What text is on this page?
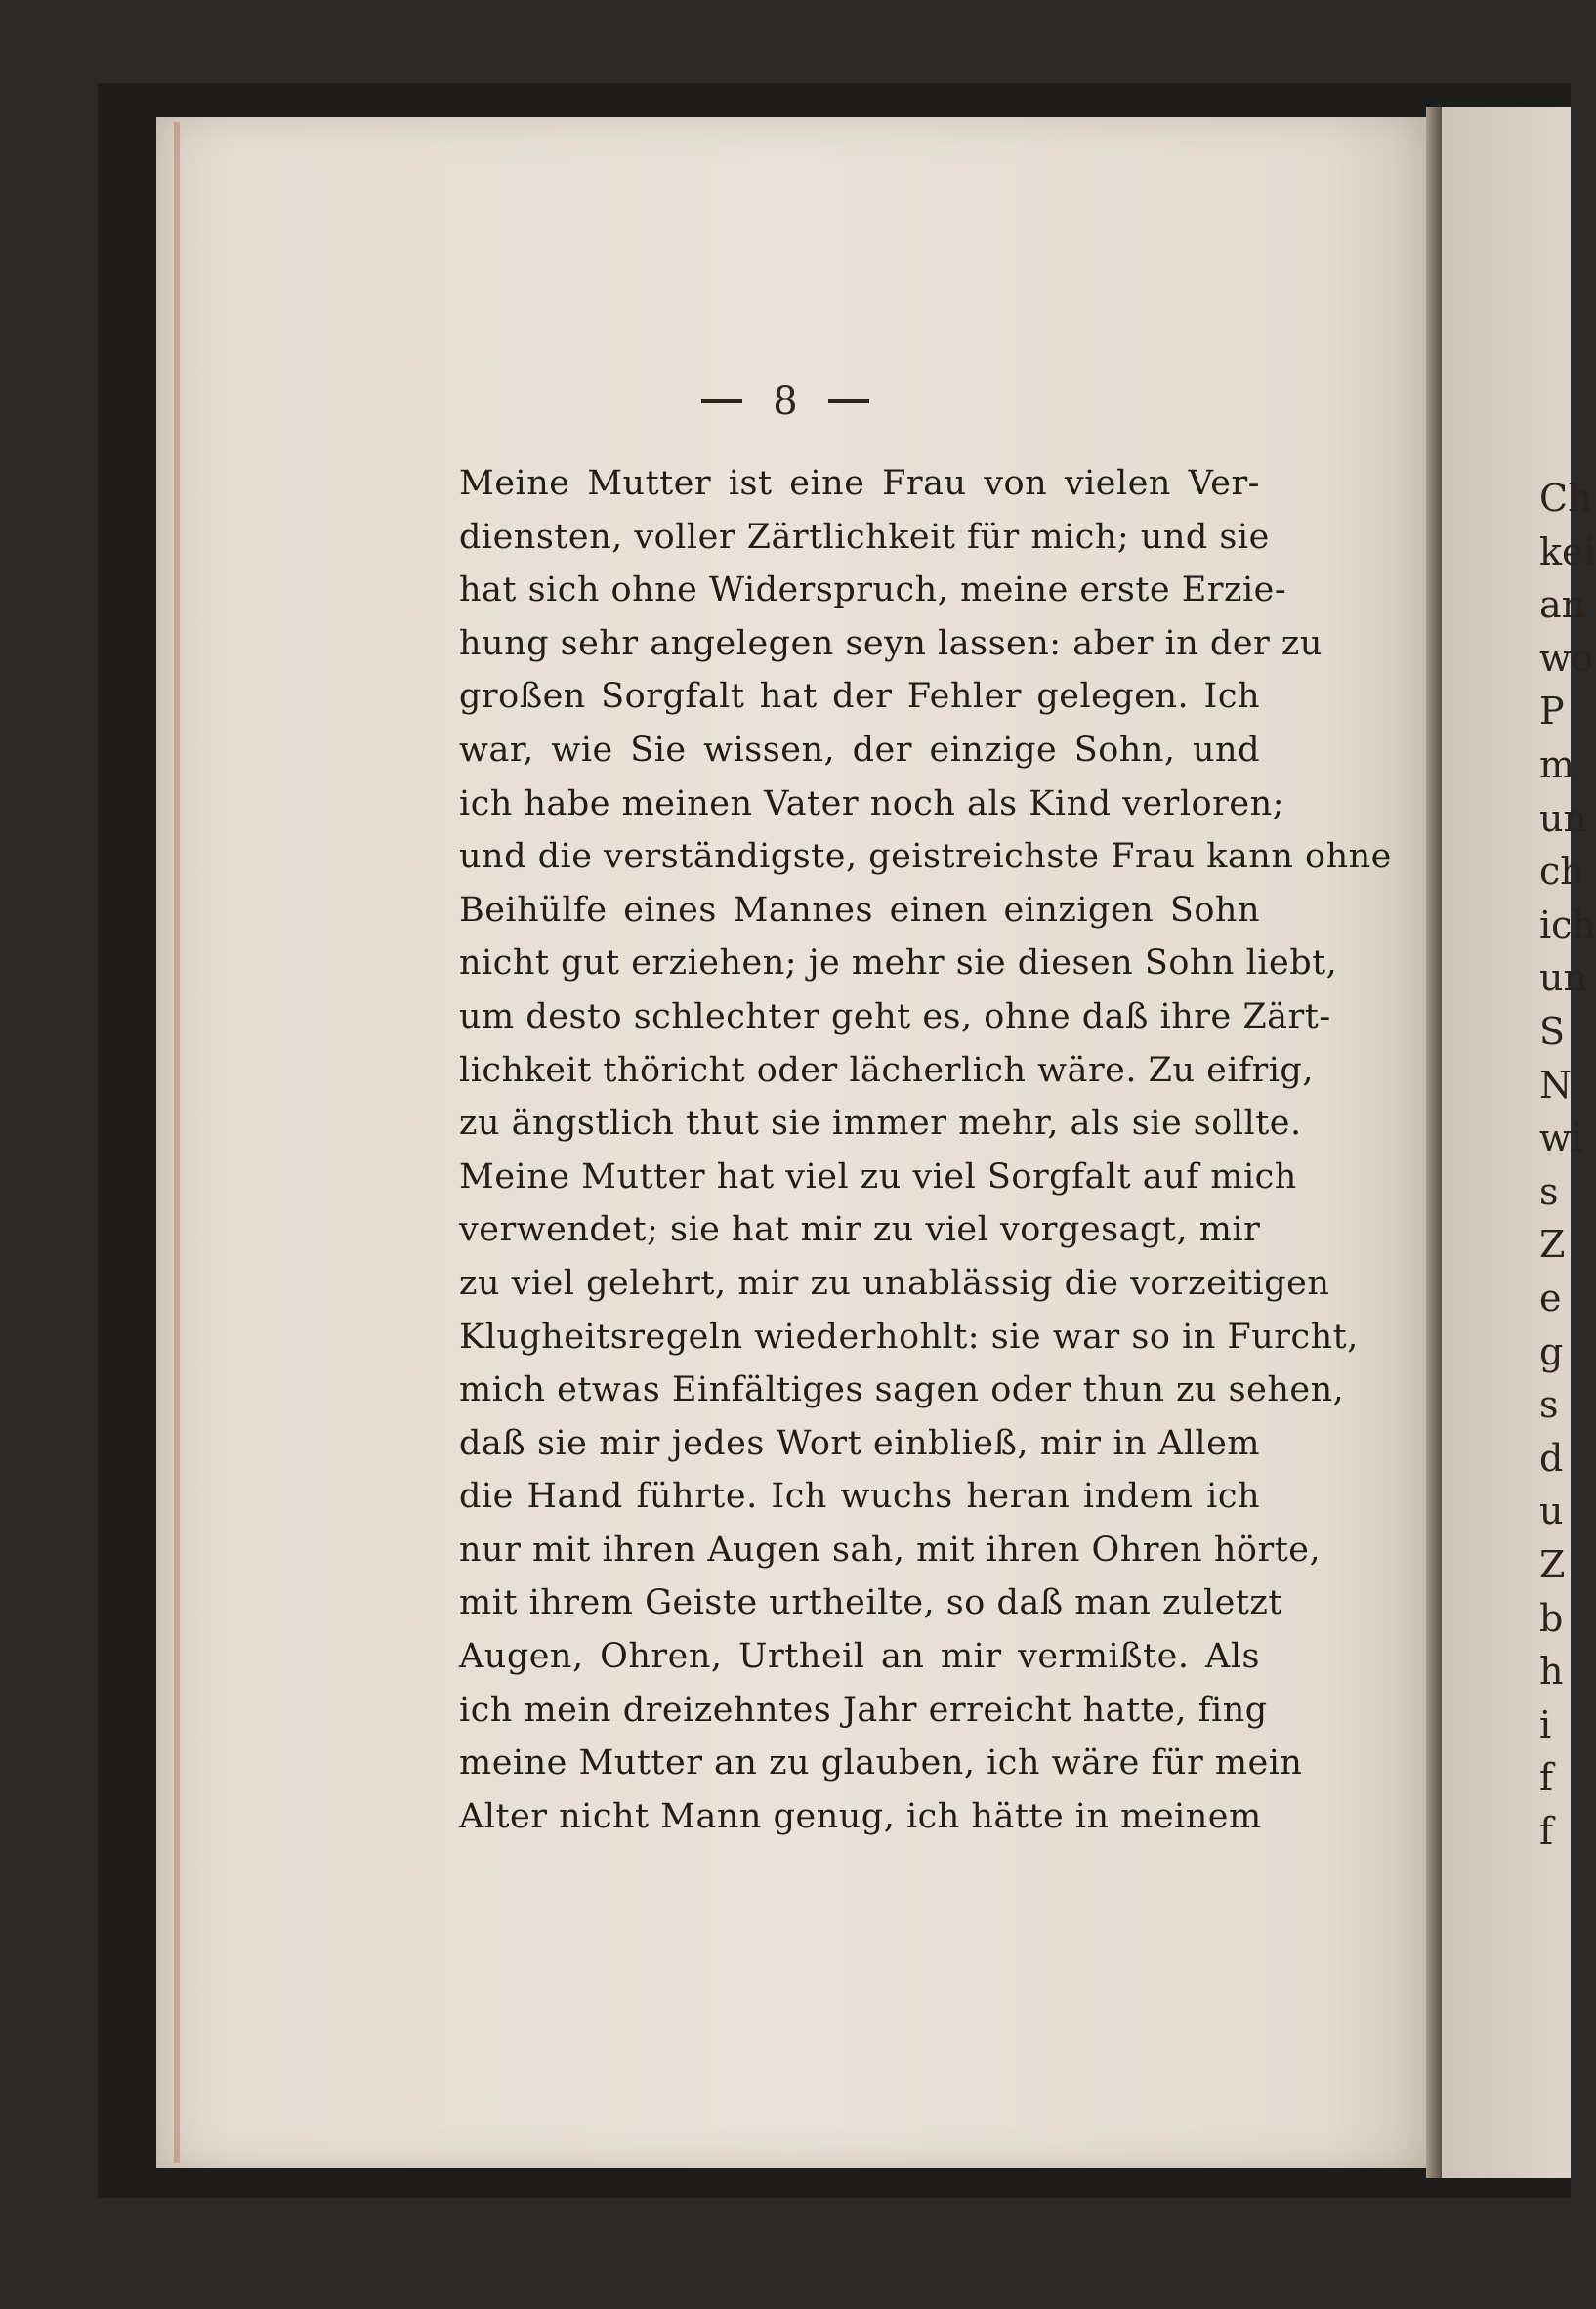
Ch
kei
an
wo
P
m
un
ch
ich
un
S
N
wi
s
Z
e
g
s
d
u
Z
b
h
i
f
f
8
Meine Mutter ist eine Frau von vielen Ver-
diensten, voller Zärtlichkeit für mich; und sie
hat sich ohne Widerspruch, meine erste Erzie-
hung sehr angelegen seyn lassen: aber in der zu
großen Sorgfalt hat der Fehler gelegen. Ich
war, wie Sie wissen, der einzige Sohn, und
ich habe meinen Vater noch als Kind verloren;
und die verständigste, geistreichste Frau kann ohne
Beihülfe eines Mannes einen einzigen Sohn
nicht gut erziehen; je mehr sie diesen Sohn liebt,
um desto schlechter geht es, ohne daß ihre Zärt-
lichkeit thöricht oder lächerlich wäre. Zu eifrig,
zu ängstlich thut sie immer mehr, als sie sollte.
Meine Mutter hat viel zu viel Sorgfalt auf mich
verwendet; sie hat mir zu viel vorgesagt, mir
zu viel gelehrt, mir zu unablässig die vorzeitigen
Klugheitsregeln wiederhohlt: sie war so in Furcht,
mich etwas Einfältiges sagen oder thun zu sehen,
daß sie mir jedes Wort einbließ, mir in Allem
die Hand führte. Ich wuchs heran indem ich
nur mit ihren Augen sah, mit ihren Ohren hörte,
mit ihrem Geiste urtheilte, so daß man zuletzt
Augen, Ohren, Urtheil an mir vermißte. Als
ich mein dreizehntes Jahr erreicht hatte, fing
meine Mutter an zu glauben, ich wäre für mein
Alter nicht Mann genug, ich hätte in meinem
